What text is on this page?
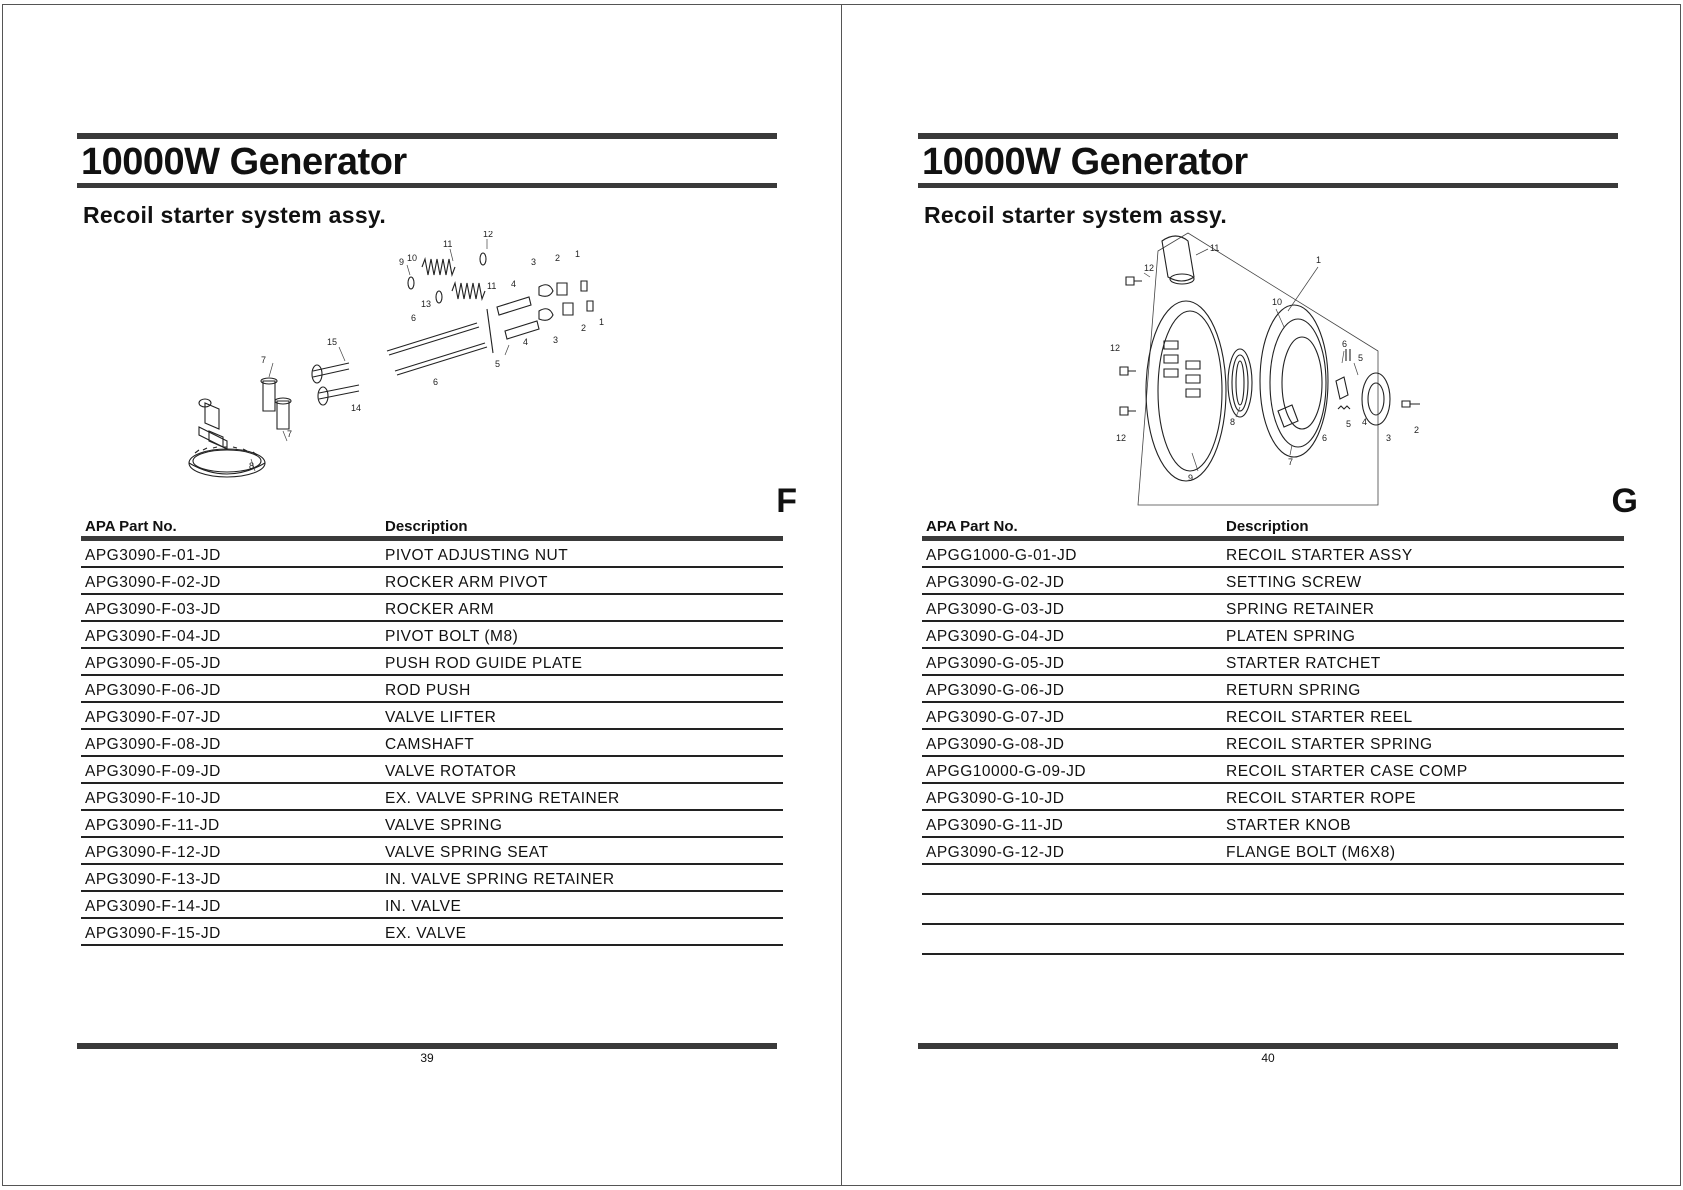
10000W Generator
Recoil starter system assy.
12
11
9 10	3 2 1
13
11 4
6
15
7	5
3
4
2
1
6
14
7
8
F
APA Part No.	Description
APG3090-F-01-JD	PIVOT ADJUSTING NUT
APG3090-F-02-JD	ROCKER ARM PIVOT
APG3090-F-03-JD	ROCKER ARM
APG3090-F-04-JD	PIVOT BOLT (M8)
APG3090-F-05-JD	PUSH ROD GUIDE PLATE
APG3090-F-06-JD	ROD PUSH
APG3090-F-07-JD	VALVE LIFTER
APG3090-F-08-JD	CAMSHAFT
APG3090-F-09-JD	VALVE ROTATOR
APG3090-F-10-JD	EX. VALVE SPRING RETAINER
APG3090-F-11-JD	VALVE SPRING
APG3090-F-12-JD	VALVE SPRING SEAT
APG3090-F-13-JD	IN. VALVE SPRING RETAINER
APG3090-F-14-JD	IN. VALVE
APG3090-F-15-JD	EX. VALVE
39
10000W Generator
Recoil starter system assy.
11
12
1
10
12	6
5
8
12
9
7
6
5 4
3
2
G
APA Part No.	Description
APGG1000-G-01-JD	RECOIL STARTER ASSY
APG3090-G-02-JD	SETTING SCREW
APG3090-G-03-JD	SPRING RETAINER
APG3090-G-04-JD	PLATEN SPRING
APG3090-G-05-JD	STARTER RATCHET
APG3090-G-06-JD	RETURN SPRING
APG3090-G-07-JD	RECOIL STARTER REEL
APG3090-G-08-JD	RECOIL STARTER SPRING
APGG10000-G-09-JD	RECOIL STARTER CASE COMP
APG3090-G-10-JD	RECOIL STARTER ROPE
APG3090-G-11-JD	STARTER KNOB
APG3090-G-12-JD	FLANGE BOLT (M6X8)

40
